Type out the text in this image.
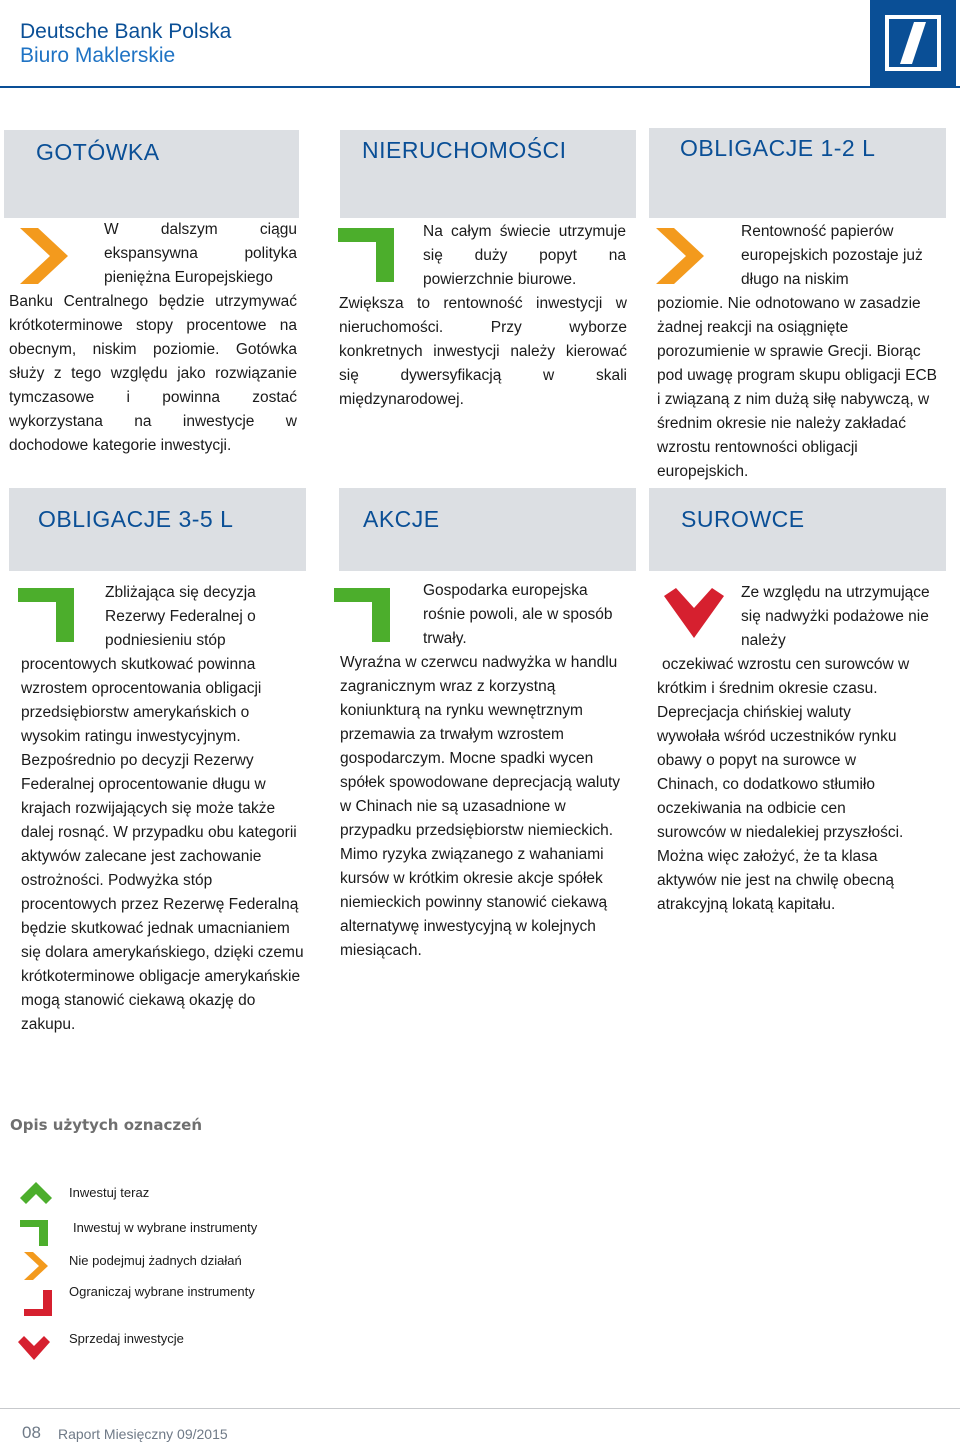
Deutsche Bank Polska
Biuro Maklerskie
GOTÓWKA	NIERUCHOMOŚCI	OBLIGACJE 1-2 L
W dalszym ciągu ekspansywna polityka pieniężna Europejskiego
Banku Centralnego będzie utrzymywać krótkoterminowe stopy procentowe na obecnym, niskim poziomie. Gotówka służy z tego względu jako rozwiązanie tymczasowe i powinna zostać wykorzystana na inwestycje w dochodowe kategorie inwestycji.
Na całym świecie utrzymuje się duży popyt na powierzchnie biurowe.
Zwiększa to rentowność inwestycji w nieruchomości. Przy wyborze konkretnych inwestycji należy kierować się dywersyfikacją w skali międzynarodowej.
Rentowność papierów europejskich pozostaje już długo na niskim
poziomie. Nie odnotowano w zasadzie żadnej reakcji na osiągnięte porozumienie w sprawie Grecji. Biorąc pod uwagę program skupu obligacji ECB i związaną z nim dużą siłę nabywczą, w średnim okresie nie należy zakładać wzrostu rentowności obligacji europejskich.
OBLIGACJE 3-5 L	AKCJE	SUROWCE
Zbliżająca się decyzja Rezerwy Federalnej o podniesieniu stóp
procentowych skutkować powinna wzrostem oprocentowania obligacji przedsiębiorstw amerykańskich o wysokim ratingu inwestycyjnym. Bezpośrednio po decyzji Rezerwy Federalnej oprocentowanie długu w krajach rozwijających się może także dalej rosnąć. W przypadku obu kategorii aktywów zalecane jest zachowanie ostrożności. Podwyżka stóp procentowych przez Rezerwę Federalną będzie skutkować jednak umacnianiem się dolara amerykańskiego, dzięki czemu krótkoterminowe obligacje amerykańskie mogą stanowić ciekawą okazję do zakupu.
Gospodarka europejska rośnie powoli, ale w sposób trwały.
Wyraźna w czerwcu nadwyżka w handlu zagranicznym wraz z korzystną koniunkturą na rynku wewnętrznym przemawia za trwałym wzrostem gospodarczym. Mocne spadki wycen spółek spowodowane deprecjacją waluty w Chinach nie są uzasadnione w przypadku przedsiębiorstw niemieckich. Mimo ryzyka związanego z wahaniami kursów w krótkim okresie akcje spółek niemieckich powinny stanowić ciekawą alternatywę inwestycyjną w kolejnych miesiącach.
Ze względu na utrzymujące się nadwyżki podażowe nie należy
oczekiwać wzrostu cen surowców w krótkim i średnim okresie czasu. Deprecjacja chińskiej waluty wywołała wśród uczestników rynku obawy o popyt na surowce w Chinach, co dodatkowo stłumiło oczekiwania na odbicie cen surowców w niedalekiej przyszłości. Można więc założyć, że ta klasa aktywów nie jest na chwilę obecną atrakcyjną lokatą kapitału.
Opis użytych oznaczeń
Inwestuj teraz
Inwestuj w wybrane instrumenty
Nie podejmuj żadnych działań
Ograniczaj wybrane instrumenty
Sprzedaj inwestycje
08 Raport Miesięczny 09/2015
